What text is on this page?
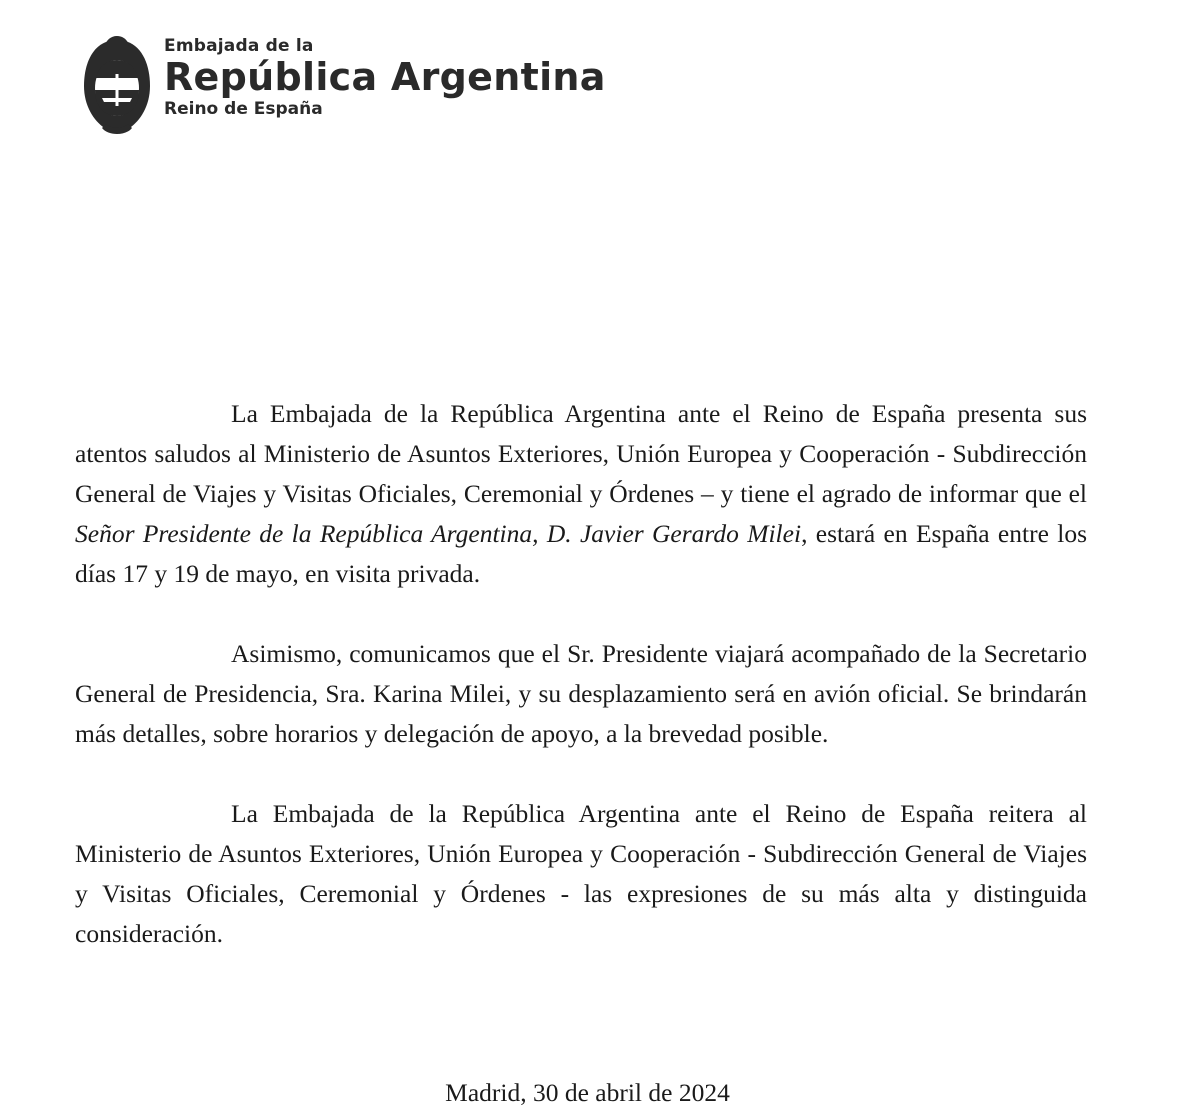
Embajada de la
República Argentina
Reino de España

La Embajada de la República Argentina ante el Reino de España presenta sus atentos saludos al Ministerio de Asuntos Exteriores, Unión Europea y Cooperación - Subdirección General de Viajes y Visitas Oficiales, Ceremonial y Órdenes – y tiene el agrado de informar que el Señor Presidente de la República Argentina, D. Javier Gerardo Milei, estará en España entre los días 17 y 19 de mayo, en visita privada.

Asimismo, comunicamos que el Sr. Presidente viajará acompañado de la Secretario General de Presidencia, Sra. Karina Milei, y su desplazamiento será en avión oficial. Se brindarán más detalles, sobre horarios y delegación de apoyo, a la brevedad posible.

La Embajada de la República Argentina ante el Reino de España reitera al Ministerio de Asuntos Exteriores, Unión Europea y Cooperación - Subdirección General de Viajes y Visitas Oficiales, Ceremonial y Órdenes - las expresiones de su más alta y distinguida consideración.

Madrid, 30 de abril de 2024
